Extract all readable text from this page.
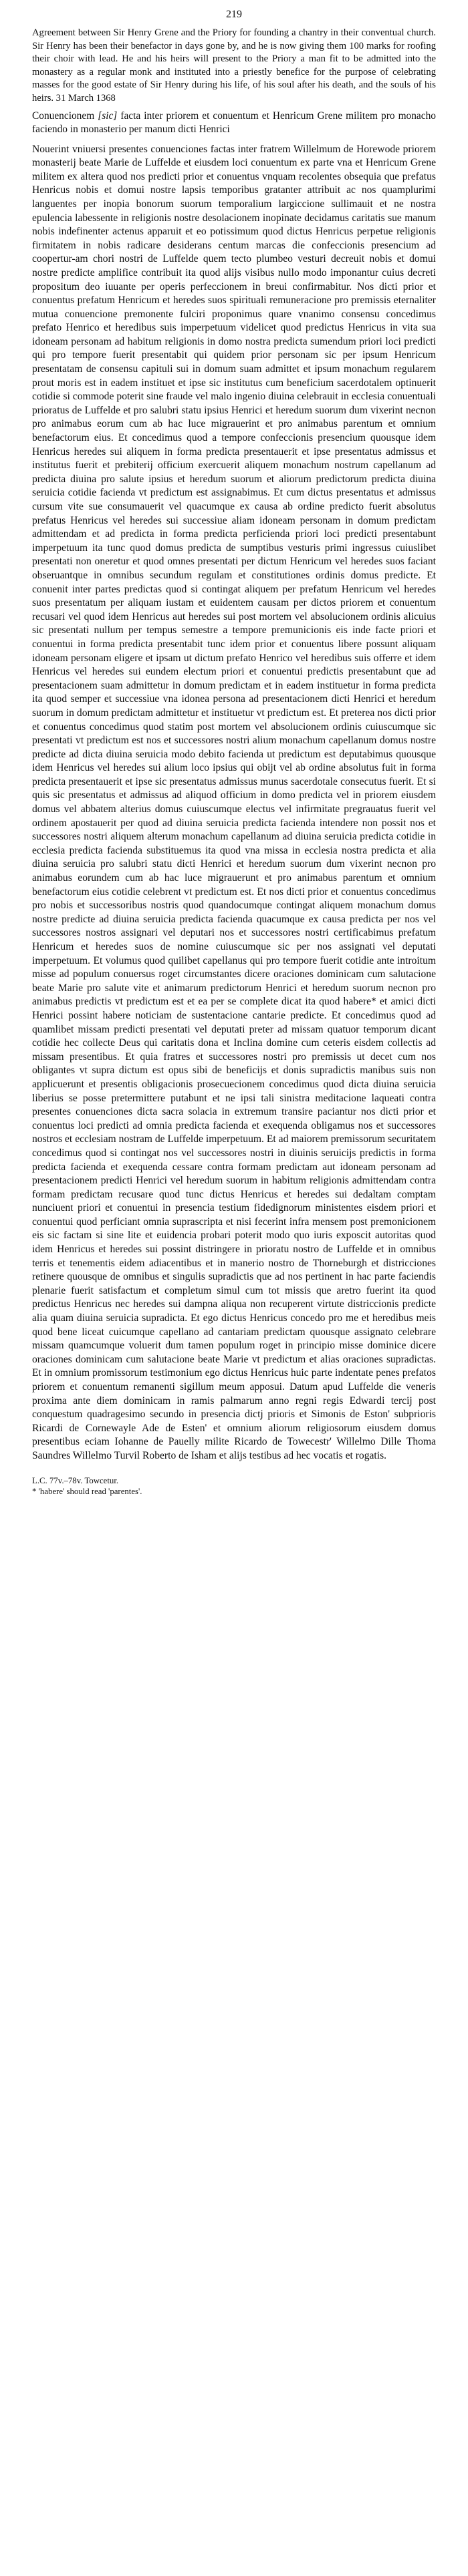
219

Agreement between Sir Henry Grene and the Priory for founding a chantry in their conventual church. Sir Henry has been their benefactor in days gone by, and he is now giving them 100 marks for roofing their choir with lead. He and his heirs will present to the Priory a man fit to be admitted into the monastery as a regular monk and instituted into a priestly benefice for the purpose of celebrating masses for the good estate of Sir Henry during his life, of his soul after his death, and the souls of his heirs. 31 March 1368

Conuencionem [sic] facta inter priorem et conuentum et Henricum Grene militem pro monacho faciendo in monasterio per manum dicti Henrici

Nouerint vniuersi presentes conuenciones factas inter fratrem Willelmum de Horewode priorem monasterij beate Marie de Luffelde et eiusdem loci conuentum ex parte vna et Henricum Grene militem ex altera quod nos predicti prior et conuentus vnquam recolentes obsequia que prefatus Henricus nobis et domui nostre lapsis temporibus gratanter attribuit ac nos quamplurimi languentes per inopia bonorum suorum temporalium largiccione sullimauit et ne nostra epulencia labessente in religionis nostre desolacionem inopinate decidamus caritatis sue manum nobis indefinenter actenus apparuit et eo potissimum quod dictus Henricus perpetue religionis firmitatem in nobis radicare desiderans centum marcas die confeccionis presencium ad coopertur-am chori nostri de Luffelde quem tecto plumbeo vesturi decreuit nobis et domui nostre predicte amplifice contribuit ita quod alijs visibus nullo modo imponantur cuius decreti propositum deo iuuante per operis perfeccionem in breui confirmabitur. Nos dicti prior et conuentus prefatum Henricum et heredes suos spirituali remuneracione pro premissis eternaliter mutua conuencione premonente fulciri proponimus quare vnanimo consensu concedimus prefato Henrico et heredibus suis imperpetuum videlicet quod predictus Henricus in vita sua idoneam personam ad habitum religionis in domo nostra predicta sumendum priori loci predicti qui pro tempore fuerit presentabit qui quidem prior personam sic per ipsum Henricum presentatam de consensu capituli sui in domum suam admittet et ipsum monachum regularem prout moris est in eadem instituet et ipse sic institutus cum beneficium sacerdotalem optinuerit cotidie si commode poterit sine fraude vel malo ingenio diuina celebrauit in ecclesia conuentuali prioratus de Luffelde et pro salubri statu ipsius Henrici et heredum suorum dum vixerint necnon pro animabus eorum cum ab hac luce migrauerint et pro animabus parentum et omnium benefactorum eius. Et concedimus quod a tempore confeccionis presencium quousque idem Henricus heredes sui aliquem in forma predicta presentauerit et ipse presentatus admissus et institutus fuerit et prebiterij officium exercuerit aliquem monachum nostrum capellanum ad predicta diuina pro salute ipsius et heredum suorum et aliorum predictorum predicta diuina seruicia cotidie facienda vt predictum est assignabimus. Et cum dictus presentatus et admissus cursum vite sue consumauerit vel quacumque ex causa ab ordine predicto fuerit absolutus prefatus Henricus vel heredes sui successiue aliam idoneam personam in domum predictam admittendam et ad predicta in forma predicta perficienda priori loci predicti presentabunt imperpetuum ita tunc quod domus predicta de sumptibus vesturis primi ingressus cuiuslibet presentati non oneretur et quod omnes presentati per dictum Henricum vel heredes suos faciant obseruantque in omnibus secundum regulam et constitutiones ordinis domus predicte. Et conuenit inter partes predictas quod si contingat aliquem per prefatum Henricum vel heredes suos presentatum per aliquam iustam et euidentem causam per dictos priorem et conuentum recusari vel quod idem Henricus aut heredes sui post mortem vel absolucionem ordinis alicuius sic presentati nullum per tempus semestre a tempore premunicionis eis inde facte priori et conuentui in forma predicta presentabit tunc idem prior et conuentus libere possunt aliquam idoneam personam eligere et ipsam ut dictum prefato Henrico vel heredibus suis offerre et idem Henricus vel heredes sui eundem electum priori et conuentui predictis presentabunt que ad presentacionem suam admittetur in domum predictam et in eadem instituetur in forma predicta ita quod semper et successiue vna idonea persona ad presentacionem dicti Henrici et heredum suorum in domum predictam admittetur et instituetur vt predictum est. Et preterea nos dicti prior et conuentus concedimus quod statim post mortem vel absolucionem ordinis cuiuscumque sic presentati vt predictum est nos et successores nostri alium monachum capellanum domus nostre predicte ad dicta diuina seruicia modo debito facienda ut predictum est deputabimus quousque idem Henricus vel heredes sui alium loco ipsius qui obijt vel ab ordine absolutus fuit in forma predicta presentauerit et ipse sic presentatus admissus munus sacerdotale consecutus fuerit. Et si quis sic presentatus et admissus ad aliquod officium in domo predicta vel in priorem eiusdem domus vel abbatem alterius domus cuiuscumque electus vel infirmitate pregrauatus fuerit vel ordinem apostauerit per quod ad diuina seruicia predicta facienda intendere non possit nos et successores nostri aliquem alterum monachum capellanum ad diuina seruicia predicta cotidie in ecclesia predicta facienda substituemus ita quod vna missa in ecclesia nostra predicta et alia diuina seruicia pro salubri statu dicti Henrici et heredum suorum dum vixerint necnon pro animabus eorundem cum ab hac luce migrauerunt et pro animabus parentum et omnium benefactorum eius cotidie celebrent vt predictum est. Et nos dicti prior et conuentus concedimus pro nobis et successoribus nostris quod quandocumque contingat aliquem monachum domus nostre predicte ad diuina seruicia predicta facienda quacumque ex causa predicta per nos vel successores nostros assignari vel deputari nos et successores nostri certificabimus prefatum Henricum et heredes suos de nomine cuiuscumque sic per nos assignati vel deputati imperpetuum. Et volumus quod quilibet capellanus qui pro tempore fuerit cotidie ante introitum misse ad populum conuersus roget circumstantes dicere oraciones dominicam cum salutacione beate Marie pro salute vite et animarum predictorum Henrici et heredum suorum necnon pro animabus predictis vt predictum est et ea per se complete dicat ita quod habere* et amici dicti Henrici possint habere noticiam de sustentacione cantarie predicte. Et concedimus quod ad quamlibet missam predicti presentati vel deputati preter ad missam quatuor temporum dicant cotidie hec collecte Deus qui caritatis dona et Inclina domine cum ceteris eisdem collectis ad missam presentibus. Et quia fratres et successores nostri pro premissis ut decet cum nos obligantes vt supra dictum est opus sibi de beneficijs et donis supradictis manibus suis non applicuerunt et presentis obligacionis prosecuecionem concedimus quod dicta diuina seruicia liberius se posse pretermittere putabunt et ne ipsi tali sinistra meditacione laqueati contra presentes conuenciones dicta sacra solacia in extremum transire paciantur nos dicti prior et conuentus loci predicti ad omnia predicta facienda et exequenda obligamus nos et successores nostros et ecclesiam nostram de Luffelde imperpetuum. Et ad maiorem premissorum securitatem concedimus quod si contingat nos vel successores nostri in diuinis seruicijs predictis in forma predicta facienda et exequenda cessare contra formam predictam aut idoneam personam ad presentacionem predicti Henrici vel heredum suorum in habitum religionis admittendam contra formam predictam recusare quod tunc dictus Henricus et heredes sui dedaltam comptam nunciuent priori et conuentui in presencia testium fidedignorum ministentes eisdem priori et conuentui quod perficiant omnia suprascripta et nisi fecerint infra mensem post premonicionem eis sic factam si sine lite et euidencia probari poterit modo quo iuris exposcit autoritas quod idem Henricus et heredes sui possint distringere in prioratu nostro de Luffelde et in omnibus terris et tenementis eidem adiacentibus et in manerio nostro de Thorneburgh et districciones retinere quousque de omnibus et singulis supradictis que ad nos pertinent in hac parte faciendis plenarie fuerit satisfactum et completum simul cum tot missis que aretro fuerint ita quod predictus Henricus nec heredes sui dampna aliqua non recuperent virtute districcionis predicte alia quam diuina seruicia supradicta. Et ego dictus Henricus concedo pro me et heredibus meis quod bene liceat cuicumque capellano ad cantariam predictam quousque assignato celebrare missam quamcumque voluerit dum tamen populum roget in principio misse dominice dicere oraciones dominicam cum salutacione beate Marie vt predictum et alias oraciones supradictas. Et in omnium promissorum testimonium ego dictus Henricus huic parte indentate penes prefatos priorem et conuentum remanenti sigillum meum apposui. Datum apud Luffelde die veneris proxima ante diem dominicam in ramis palmarum anno regni regis Edwardi tercij post conquestum quadragesimo secundo in presencia dictj prioris et Simonis de Eston' subprioris Ricardi de Cornewayle Ade de Esten' et omnium aliorum religiosorum eiusdem domus presentibus eciam Iohanne de Pauelly milite Ricardo de Towecestr' Willelmo Dille Thoma Saundres Willelmo Turvil Roberto de Isham et alijs testibus ad hec vocatis et rogatis.

L.C. 77v.–78v. Towcetur.
* 'habere' should read 'parentes'.
